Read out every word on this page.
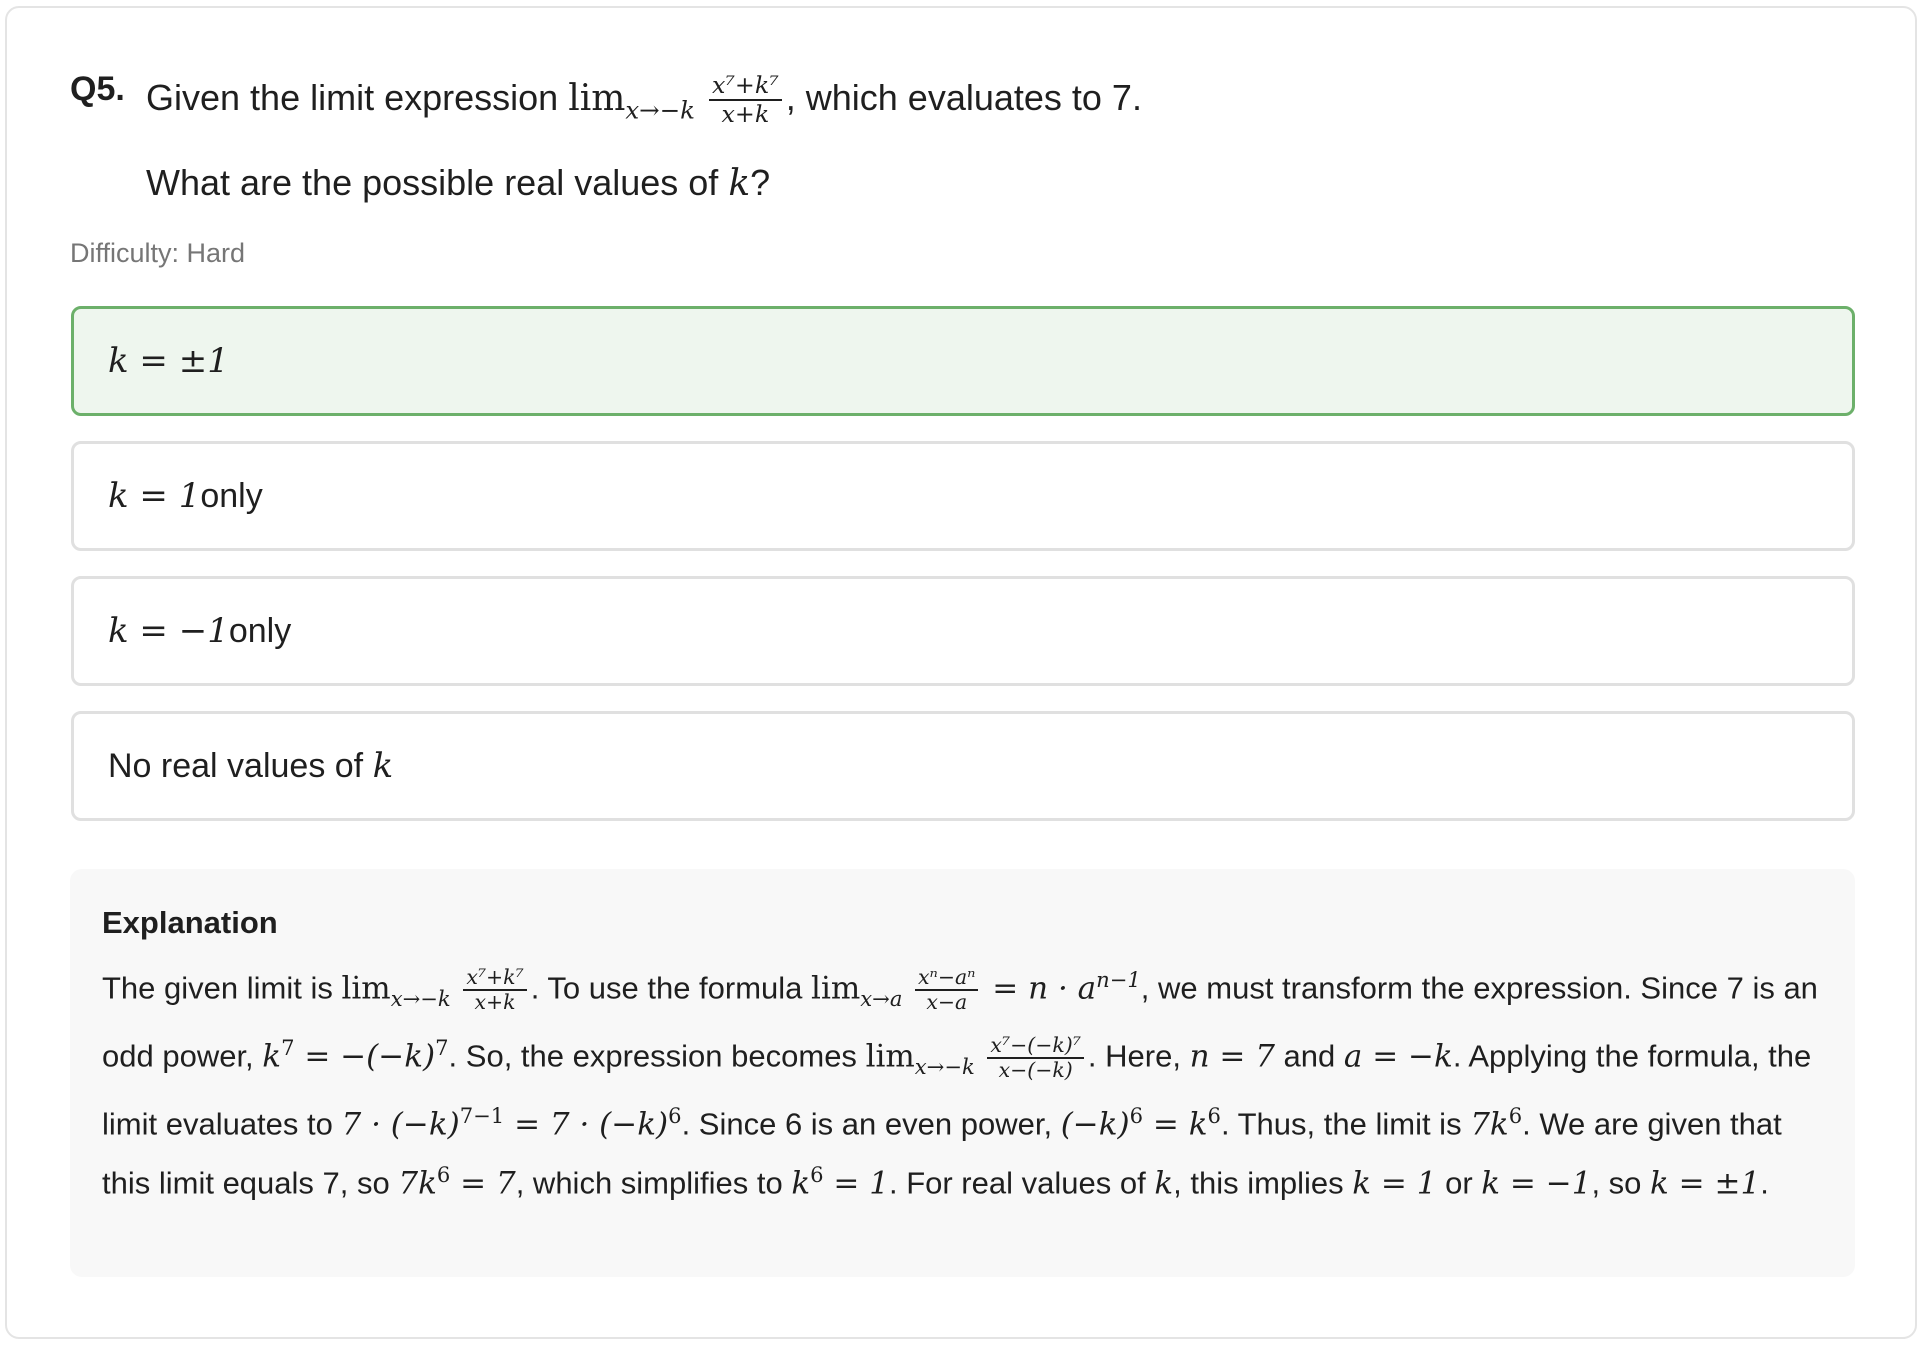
Q5. Given the limit expression $\lim_{x\to-k} \frac{\text{x⁷+k⁷}}{x+k}$ , which evaluates to 7.
What are the possible real values of k?
Difficulty: Hard
k = ±1
k = 1 only
k = −1 only
No real values of
k
Explanation

The given limit is $\lim_{x\to-k} \frac{\text{x⁷+k⁷}}{x+k}$ . To use the formula $\lim_{x\to a} \frac{\text{xⁿ−aⁿ}}{x-a} = n \cdot a^{n-1}$, we must transform the expression. Since 7 is an odd power, $k^7 = -(-k)^7$. So, the expression becomes $\lim_{x\to-k} \frac{\text{x⁷−(−k)⁷}}{x-(-k)}$ . Here, n = 7 and a = −k. Applying the formula, the limit evaluates to $7 \cdot (-k)^{7-1} = 7 \cdot (-k)^6$. Since 6 is an even power, $(-k)^6 = k^6$. Thus, the limit is $7k^6$. We are given that this limit equals 7, so $7k^6 = 7$, which simplifies to $k^6 = 1$. For real values of k, this implies k = 1 or k = −1, so k = ±1.
